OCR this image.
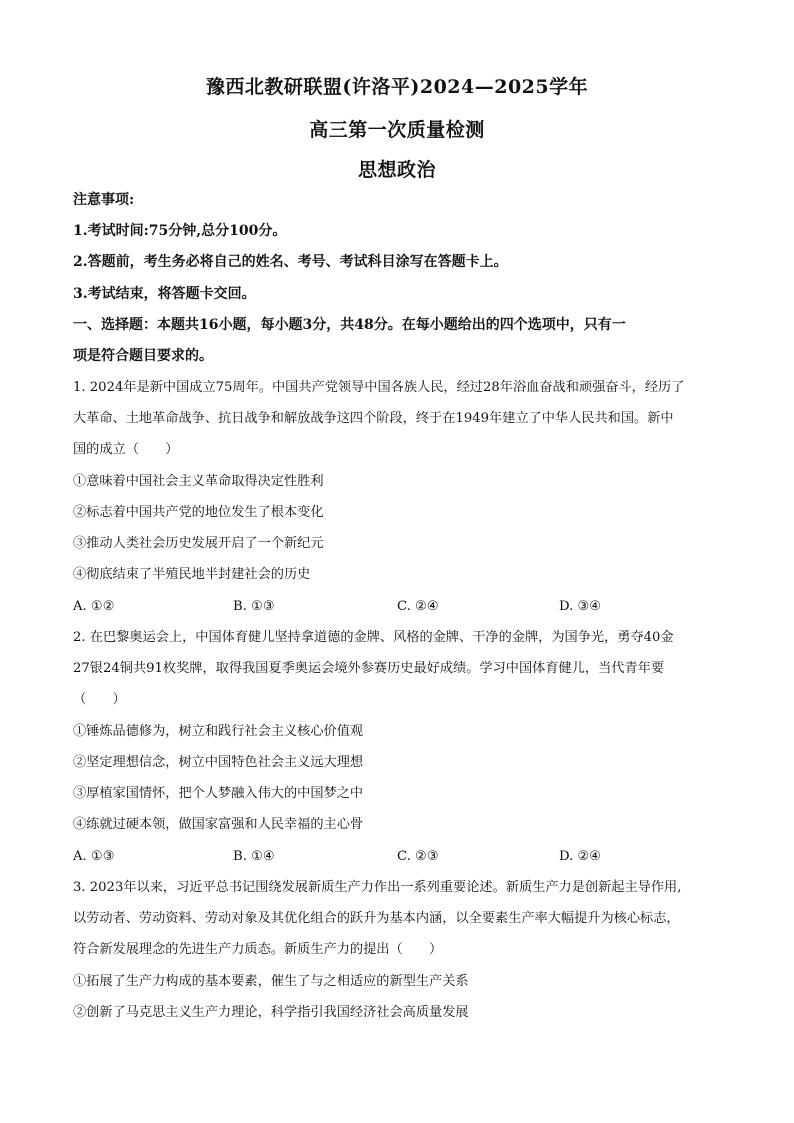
豫西北教研联盟(许洛平)2024—2025学年
高三第一次质量检测
思想政治
注意事项:
1.考试时间:75分钟,总分100分。
2.答题前，考生务必将自己的姓名、考号、考试科目涂写在答题卡上。
3.考试结束，将答题卡交回。
一、选择题：本题共16小题，每小题3分，共48分。在每小题给出的四个选项中，只有一
项是符合题目要求的。
1. 2024年是新中国成立75周年。中国共产党领导中国各族人民，经过28年浴血奋战和顽强奋斗，经历了
大革命、土地革命战争、抗日战争和解放战争这四个阶段，终于在1949年建立了中华人民共和国。新中
国的成立（　　）
①意味着中国社会主义革命取得决定性胜利
②标志着中国共产党的地位发生了根本变化
③推动人类社会历史发展开启了一个新纪元
④彻底结束了半殖民地半封建社会的历史
A. ①②	B. ①③	C. ②④	D. ③④
2. 在巴黎奥运会上，中国体育健儿坚持拿道德的金牌、风格的金牌、干净的金牌，为国争光，勇夺40金
27银24铜共91枚奖牌，取得我国夏季奥运会境外参赛历史最好成绩。学习中国体育健儿，当代青年要
（　　）
①锤炼品德修为，树立和践行社会主义核心价值观
②坚定理想信念，树立中国特色社会主义远大理想
③厚植家国情怀，把个人梦融入伟大的中国梦之中
④练就过硬本领，做国家富强和人民幸福的主心骨
A. ①③	B. ①④	C. ②③	D. ②④
3. 2023年以来，习近平总书记围绕发展新质生产力作出一系列重要论述。新质生产力是创新起主导作用,
以劳动者、劳动资料、劳动对象及其优化组合的跃升为基本内涵，以全要素生产率大幅提升为核心标志，
符合新发展理念的先进生产力质态。新质生产力的提出（　　）
①拓展了生产力构成的基本要素，催生了与之相适应的新型生产关系
②创新了马克思主义生产力理论，科学指引我国经济社会高质量发展
